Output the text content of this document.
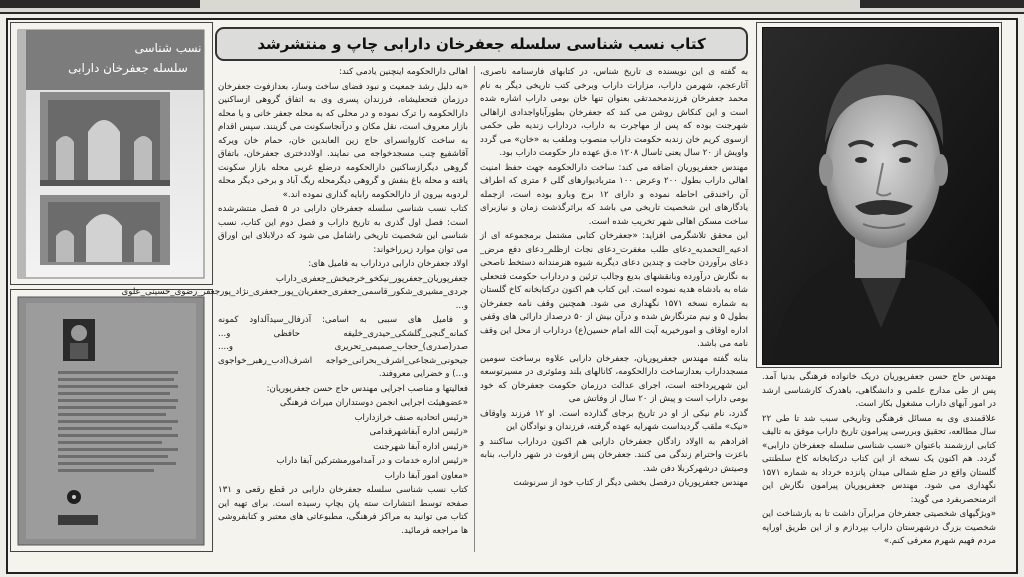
نسب شناسی
سلسله جعفرخان دارابی
کتاب نسب شناسی سلسله جعفرخان دارابی چاپ و منتشرشد

اهالی دارالحکومه اینچنین یادمی کند:

«به دلیل رشد جمعیت و نبود فضای ساخت وساز، بعدازفوت جعفرخان درزمان فتحعلیشاه، فرزندان پسری وی به اتفاق گروهی ازساکنین دارالحکومه را ترک نموده و در محلی که به محله جعفر خانی و یا محله بازار معروف است، نقل مکان و درآنجاسکونت می گزینند. سپس اقدام به ساخت کاروانسرای حاج زین العابدین خان، حمام خان ویرکه آقاشفیع چنب مسجدخواجه می نمایند. اولاددختری جعفرخان، باتفاق گروهی دیگرازساکنین دارالحکومه درضلع غربی محله بازار سکونت یافته و محله باغ بنفش و گروهی دیگرمحله ریگ آباد و برخی دیگر محله لردوبه بیرون از دارالحکومه رابایه گذاری نموده اند.»

کتاب نسب شناسی سلسله جعفرخان دارابی در ۵ فصل منتشرشده است: فصل اول گذری به تاریخ داراب و فصل دوم این کتاب، نسب شناسی این شخصیت تاریخی راشامل می شود که درلابلای این اوراق می توان موارد زیرراخواند:

اولاد جعفرخان دارابی درداراب به فامیل های:

جعفرپوریان_جعفرپور_نیکخو_خرجیخش_جعفری_داراب جردی_مشیری_شکور_قاسمی_جعفری_جعفریان_پور_جعفری_نژاد_پورجعفر_رضوی_حسینی_علوی و...

و فامیل های سببی به اسامی: آذرفال_سیدآلداود کمونه کمانه_گنجی_گلشکی_حیدری_خلیفه حافظی و... صدر(صدری)_حجاب_صمیمی_تحریری و.... جیحونی_شجاعی_اشرف_بحرانی_خواجه اشرف(ادب_رهبر_خواجوی و...) و خضرایی معروفند.

فعالیتها و مناصب اجرایی مهندس حاج حسن جعفرپوریان:

«عضوهیئت اجرایی انجمن دوستداران میراث فرهنگی

«رئیس اتحادیه صنف خرازداراب

«رئیس اداره آبفاشهرقدامی

«رئیس اداره آبفا شهرجنت

«رئیس اداره خدمات و در آمدامورمشترکین آبفا داراب

«معاون امور آبفا داراب

کتاب نسب شناسی سلسله جعفرخان دارابی در قطع رقعی و ۱۳۱ صفحه توسط انتشارات سته پان بچاپ رسیده است. برای تهیه این کتاب می توانید به مراکز فرهنگی، مطبوعاتی های معتبر و کتابفروشی ها مراجعه فرمائید.

به گفته ی این نویسنده ی تاریخ شناس، در کتابهای فارسنامه ناصری، آثارعجم، شهرمن داراب، مزارات داراب وبرخی کتب تاریخی دیگر به نام محمد جعفرخان فرزندمحمدتقی بعنوان تنها خان بومی داراب اشاره شده است و این کنکاش روشن می کند که جعفرخان بطورآباواجدادی ازاهالی شهرجنت بوده که پس از مهاجرت به داراب، درداراب زندیه طی حکمی ازسوی کریم خان زندبه حکومت داراب منصوب وملقب به «خان» می گردد واویش از ۲۰ سال یعنی تاسال ۱۲۰۸ ه.ق عهده دار حکومت داراب بود.

مهندس جعفرپوریان اضافه می کند: ساخت دارالحکومه جهت حفظ امنیت اهالی داراب بطول ۲۰۰ وعرض ۱۰۰ متربادیوارهای گلی ۶ متری که اطراف آن راخندقی احاطه نموده و دارای ۱۲ برج وبارو بوده است، ازجمله یادگارهای این شخصیت تاریخی می باشد که براثرگذشت زمان و نیازبرای ساخت مسکن اهالی شهر تخریب شده است.

این محقق تلاشگرمی افزاید: «جعفرخان کتابی مشتمل برمجموعه ای از ادعیه_التحمدیه_دعای طلب مغفرت_دعای نجات ازظلم_دعای دفع مرض_ دعای برآوردن حاجت و چندین دعای دیگربه شیوه هنرمندانه دستخط ناصحی به نگارش درآورده وبانقشهای بدیع وجالب تزئین و درداراب حکومت فتحعلی شاه به بادشاه هدیه نموده است. این کتاب هم اکنون درکتابخانه کاخ گلستان به شماره نسخه ۱۵۷۱ نگهداری می شود. همچنین وقف نامه جعفرخان بطول ۵ و نیم مترنگارش شده و درآن بیش از ۵۰ درصداز دارائی های وقفی اداره اوقاف و امورخیریه آیت الله امام حسین(ع) درداراب از محل این وقف نامه می باشد.

بنابه گفته مهندس جعفرپوریان، جعفرخان دارابی علاوه برساخت سومین مسجدداراب بعدازساخت دارالحکومه، کانالهای بلند ومئوثری در مسیرتوسعه این شهرپرداخته است، اجرای عدالت درزمان حکومت جعفرخان که خود بومی داراب است و پیش از ۲۰ سال از وفاتش می

گذرد، نام نیکی از او در تاریخ برجای گذارده است. او ۱۲ فرزند واوقاف «نیک» ملقب گردیداست شهرایه عهده گرفته، فرزندان و نوادگان این

افرادهم به ااولاد زادگان جعفرخان دارابی هم اکنون درداراب ساکنند و باعزت واحترام زندگی می کنند. جعفرخان پس ازفوت در شهر داراب، بنابه وصیتش درشهرکربلا دفن شد.

مهندس جعفرپوریان درفصل بخشی دیگر از کتاب خود از سرنوشت

مهندس حاج حسن جعفرپوریان دریک خانواده فرهنگی بدنیا آمد. پس از طی مدارج علمی و دانشگاهی، باهدرک کارشناسی ارشد در امور آبهای داراب مشغول بکار است.

علاقمندی وی به مسائل فرهنگی وتاریخی سبب شد تا طی ۲۲ سال مطالعه، تحقیق وبررسی پیرامون تاریخ داراب موفق به تالیف کتابی ارزشمند باعنوان «نسب شناسی سلسله جعفرخان دارابی» گردد. هم اکنون یک نسخه از این کتاب درکتابخانه کاخ سلطنتی گلستان واقع در ضلع شمالی میدان پانزده خرداد به شماره ۱۵۷۱ نگهداری می شود. مهندس جعفرپوریان پیرامون نگارش این اثرمنحصربفرد می گوید:

«ویژگیهای شخصیتی جعفرخان مرابرآن داشت تا به بازشناخت این شخصیت بزرگ درشهرستان داراب بپردازم و از این طریق اوراپه مردم فهیم شهرم معرفی کنم.»
